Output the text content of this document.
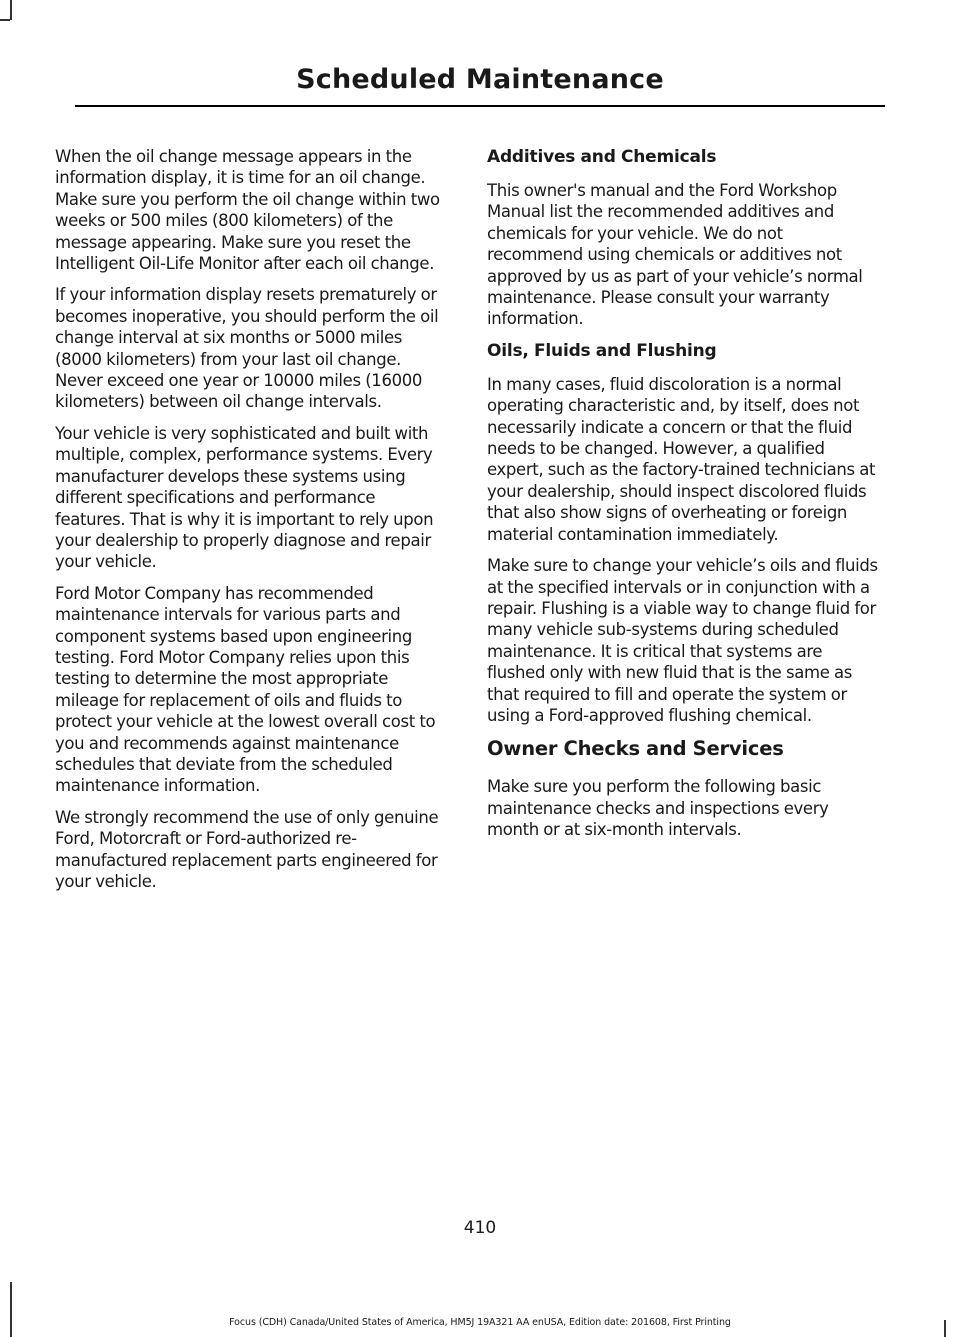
Scheduled Maintenance

When the oil change message appears in the information display, it is time for an oil change. Make sure you perform the oil change within two weeks or 500 miles (800 kilometers) of the message appearing. Make sure you reset the Intelligent Oil-Life Monitor after each oil change.

If your information display resets prematurely or becomes inoperative, you should perform the oil change interval at six months or 5000 miles (8000 kilometers) from your last oil change. Never exceed one year or 10000 miles (16000 kilometers) between oil change intervals.

Your vehicle is very sophisticated and built with multiple, complex, performance systems. Every manufacturer develops these systems using different specifications and performance features. That is why it is important to rely upon your dealership to properly diagnose and repair your vehicle.

Ford Motor Company has recommended maintenance intervals for various parts and component systems based upon engineering testing. Ford Motor Company relies upon this testing to determine the most appropriate mileage for replacement of oils and fluids to protect your vehicle at the lowest overall cost to you and recommends against maintenance schedules that deviate from the scheduled maintenance information.

We strongly recommend the use of only genuine Ford, Motorcraft or Ford-authorized re-manufactured replacement parts engineered for your vehicle.

Additives and Chemicals

This owner's manual and the Ford Workshop Manual list the recommended additives and chemicals for your vehicle. We do not recommend using chemicals or additives not approved by us as part of your vehicle’s normal maintenance. Please consult your warranty information.

Oils, Fluids and Flushing

In many cases, fluid discoloration is a normal operating characteristic and, by itself, does not necessarily indicate a concern or that the fluid needs to be changed. However, a qualified expert, such as the factory-trained technicians at your dealership, should inspect discolored fluids that also show signs of overheating or foreign material contamination immediately.

Make sure to change your vehicle’s oils and fluids at the specified intervals or in conjunction with a repair. Flushing is a viable way to change fluid for many vehicle sub-systems during scheduled maintenance. It is critical that systems are flushed only with new fluid that is the same as that required to fill and operate the system or using a Ford-approved flushing chemical.

Owner Checks and Services

Make sure you perform the following basic maintenance checks and inspections every month or at six-month intervals.

410
Focus (CDH) Canada/United States of America, HM5J 19A321 AA enUSA, Edition date: 201608, First Printing
